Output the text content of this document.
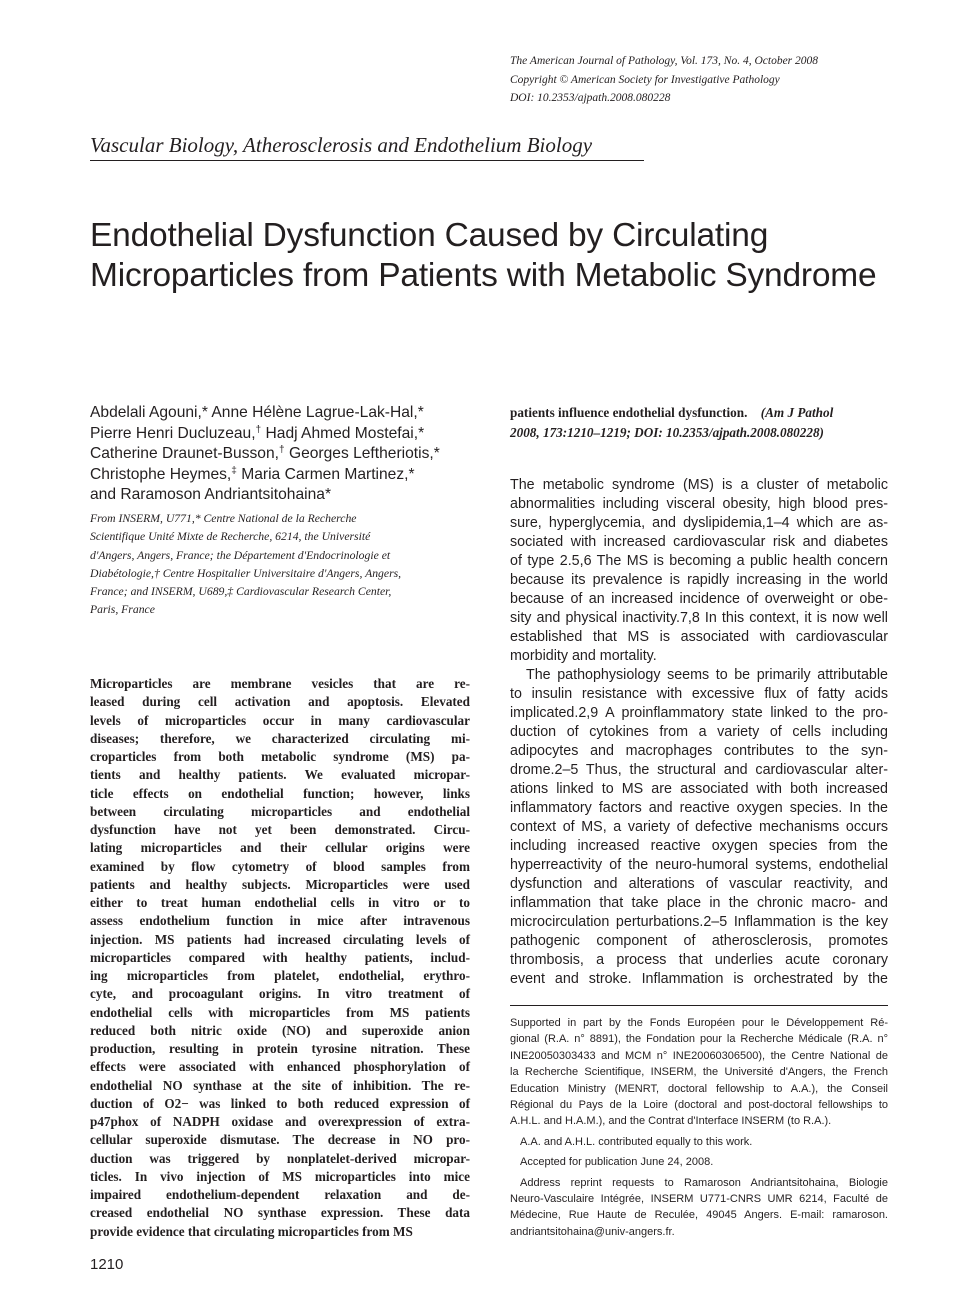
The American Journal of Pathology, Vol. 173, No. 4, October 2008
Copyright © American Society for Investigative Pathology
DOI: 10.2353/ajpath.2008.080228
Vascular Biology, Atherosclerosis and Endothelium Biology
Endothelial Dysfunction Caused by Circulating
Microparticles from Patients with Metabolic Syndrome
Abdelali Agouni,* Anne Hélène Lagrue-Lak-Hal,*
Pierre Henri Ducluzeau,† Hadj Ahmed Mostefai,*
Catherine Draunet-Busson,† Georges Leftheriotis,*
Christophe Heymes,‡ Maria Carmen Martinez,*
and Raramoson Andriantsitohaina*
From INSERM, U771,* Centre National de la Recherche
Scientifique Unité Mixte de Recherche, 6214, the Université
d'Angers, Angers, France; the Département d'Endocrinologie et
Diabétologie,† Centre Hospitalier Universitaire d'Angers, Angers,
France; and INSERM, U689,‡ Cardiovascular Research Center,
Paris, France
Microparticles are membrane vesicles that are re-
leased during cell activation and apoptosis. Elevated
levels of microparticles occur in many cardiovascular
diseases; therefore, we characterized circulating mi-
croparticles from both metabolic syndrome (MS) pa-
tients and healthy patients. We evaluated micropar-
ticle effects on endothelial function; however, links
between circulating microparticles and endothelial
dysfunction have not yet been demonstrated. Circu-
lating microparticles and their cellular origins were
examined by flow cytometry of blood samples from
patients and healthy subjects. Microparticles were used
either to treat human endothelial cells in vitro or to
assess endothelium function in mice after intravenous
injection. MS patients had increased circulating levels of
microparticles compared with healthy patients, includ-
ing microparticles from platelet, endothelial, erythro-
cyte, and procoagulant origins. In vitro treatment of
endothelial cells with microparticles from MS patients
reduced both nitric oxide (NO) and superoxide anion
production, resulting in protein tyrosine nitration. These
effects were associated with enhanced phosphorylation of
endothelial NO synthase at the site of inhibition. The re-
duction of O2− was linked to both reduced expression of
p47phox of NADPH oxidase and overexpression of extra-
cellular superoxide dismutase. The decrease in NO pro-
duction was triggered by nonplatelet-derived micropar-
ticles. In vivo injection of MS microparticles into mice
impaired endothelium-dependent relaxation and de-
creased endothelial NO synthase expression. These data
provide evidence that circulating microparticles from MS
patients influence endothelial dysfunction. (Am J Pathol
2008, 173:1210–1219; DOI: 10.2353/ajpath.2008.080228)
The metabolic syndrome (MS) is a cluster of metabolic
abnormalities including visceral obesity, high blood pres-
sure, hyperglycemia, and dyslipidemia,1–4 which are as-
sociated with increased cardiovascular risk and diabetes
of type 2.5,6 The MS is becoming a public health concern
because its prevalence is rapidly increasing in the world
because of an increased incidence of overweight or obe-
sity and physical inactivity.7,8 In this context, it is now well
established that MS is associated with cardiovascular
morbidity and mortality.
The pathophysiology seems to be primarily attributable
to insulin resistance with excessive flux of fatty acids
implicated.2,9 A proinflammatory state linked to the pro-
duction of cytokines from a variety of cells including
adipocytes and macrophages contributes to the syn-
drome.2–5 Thus, the structural and cardiovascular alter-
ations linked to MS are associated with both increased
inflammatory factors and reactive oxygen species. In the
context of MS, a variety of defective mechanisms occurs
including increased reactive oxygen species from the
hyperreactivity of the neuro-humoral systems, endothelial
dysfunction and alterations of vascular reactivity, and
inflammation that take place in the chronic macro- and
microcirculation perturbations.2–5 Inflammation is the key
pathogenic component of atherosclerosis, promotes
thrombosis, a process that underlies acute coronary
event and stroke. Inflammation is orchestrated by the
Supported in part by the Fonds Européen pour le Développement Ré-
gional (R.A. n° 8891), the Fondation pour la Recherche Médicale (R.A. n°
INE20050303433 and MCM n° INE20060306500), the Centre National de
la Recherche Scientifique, INSERM, the Université d'Angers, the French
Education Ministry (MENRT, doctoral fellowship to A.A.), the Conseil
Régional du Pays de la Loire (doctoral and post-doctoral fellowships to
A.H.L. and H.A.M.), and the Contrat d'Interface INSERM (to R.A.).
A.A. and A.H.L. contributed equally to this work.
Accepted for publication June 24, 2008.
Address reprint requests to Ramaroson Andriantsitohaina, Biologie
Neuro-Vasculaire Intégrée, INSERM U771-CNRS UMR 6214, Faculté de
Médecine, Rue Haute de Reculée, 49045 Angers. E-mail: ramaroson.
andriantsitohaina@univ-angers.fr.
1210
